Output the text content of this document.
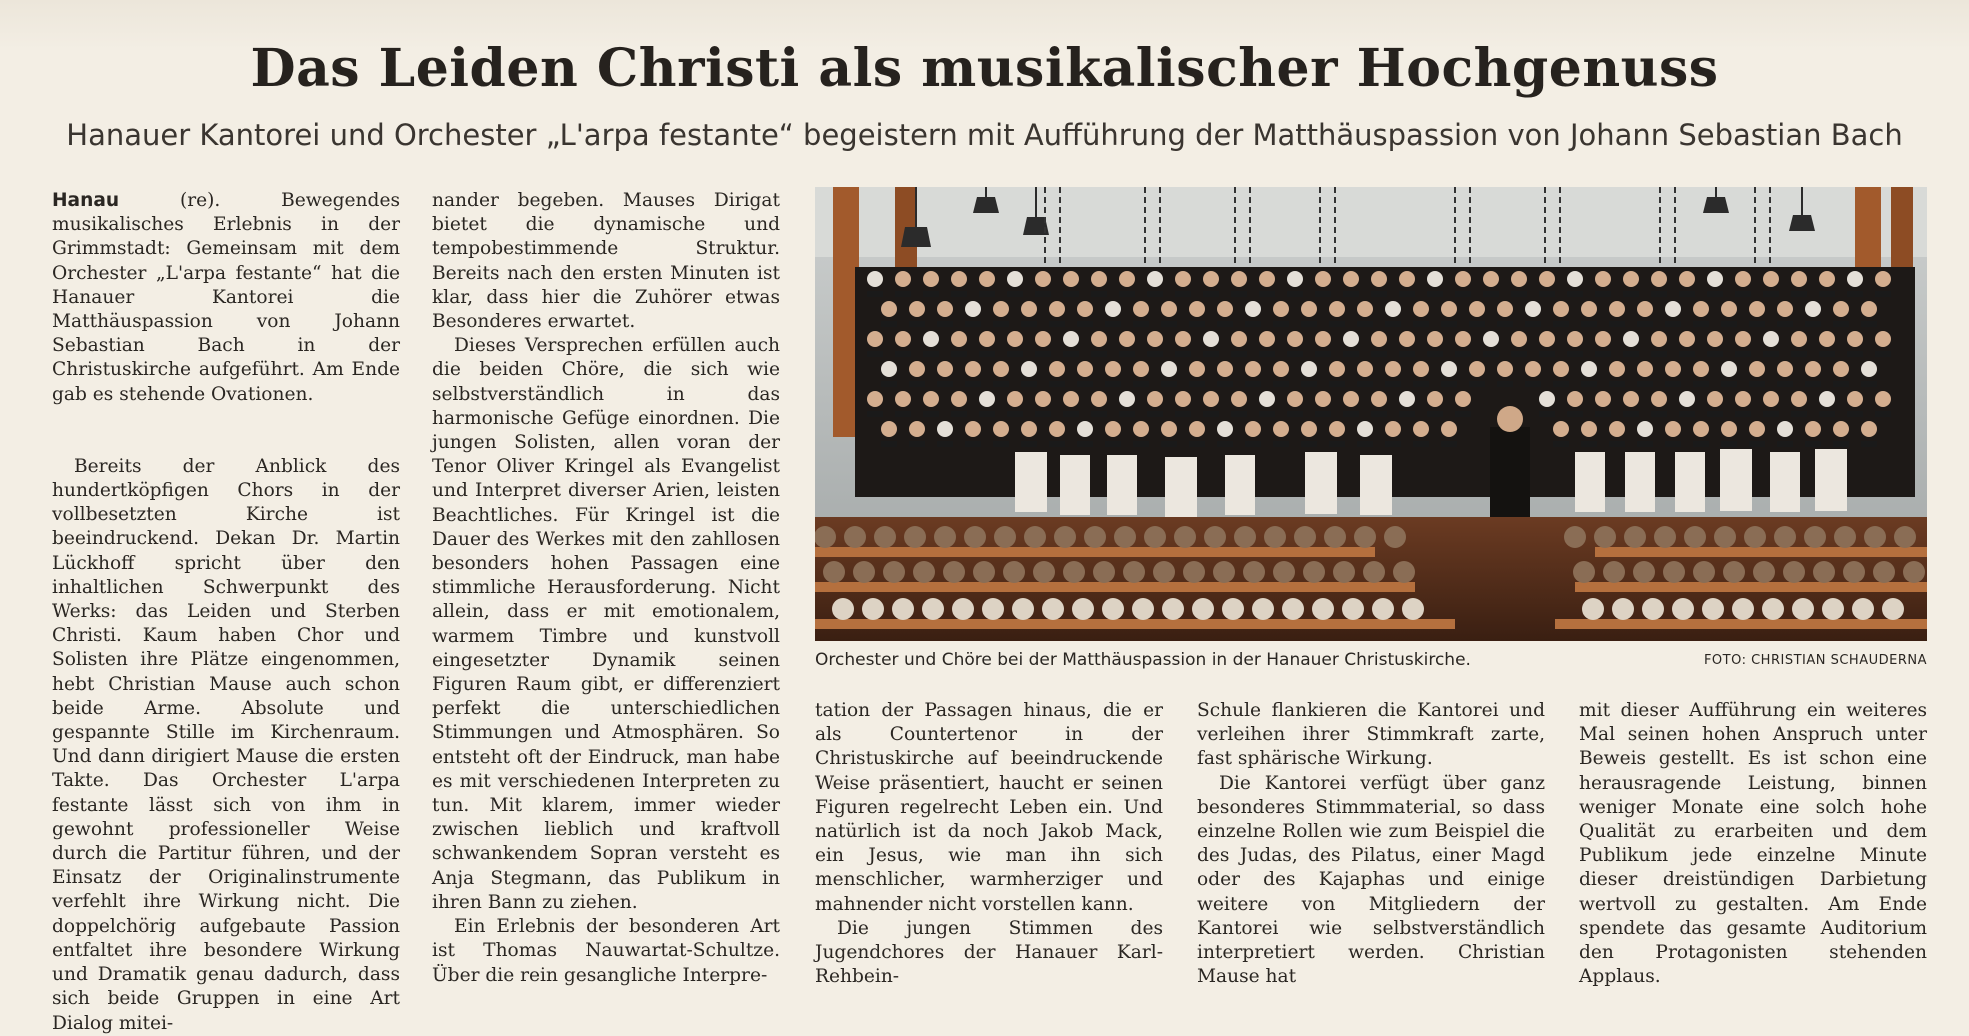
Das Leiden Christi als musikalischer Hochgenuss

Hanauer Kantorei und Orchester „L'arpa festante“ begeistern mit Aufführung der Matthäuspassion von Johann Sebastian Bach

Hanau (re). Bewegendes musikalisches Erlebnis in der Grimmstadt: Gemeinsam mit dem Orchester „L'arpa festante“ hat die Hanauer Kantorei die Matthäuspassion von Johann Sebastian Bach in der Christuskirche aufgeführt. Am Ende gab es stehende Ovationen.

Bereits der Anblick des hundertköpfigen Chors in der vollbesetzten Kirche ist beeindruckend. Dekan Dr. Martin Lückhoff spricht über den inhaltlichen Schwerpunkt des Werks: das Leiden und Sterben Christi. Kaum haben Chor und Solisten ihre Plätze eingenommen, hebt Christian Mause auch schon beide Arme. Absolute und gespannte Stille im Kirchenraum. Und dann dirigiert Mause die ersten Takte. Das Orchester L'arpa festante lässt sich von ihm in gewohnt professioneller Weise durch die Partitur führen, und der Einsatz der Originalinstrumente verfehlt ihre Wirkung nicht. Die doppelchörig aufgebaute Passion entfaltet ihre besondere Wirkung und Dramatik genau dadurch, dass sich beide Gruppen in eine Art Dialog mitei-

nander begeben. Mauses Dirigat bietet die dynamische und tempobestimmende Struktur. Bereits nach den ersten Minuten ist klar, dass hier die Zuhörer etwas Besonderes erwartet.

Dieses Versprechen erfüllen auch die beiden Chöre, die sich wie selbstverständlich in das harmonische Gefüge einordnen. Die jungen Solisten, allen voran der Tenor Oliver Kringel als Evangelist und Interpret diverser Arien, leisten Beachtliches. Für Kringel ist die Dauer des Werkes mit den zahllosen besonders hohen Passagen eine stimmliche Herausforderung. Nicht allein, dass er mit emotionalem, warmem Timbre und kunstvoll eingesetzter Dynamik seinen Figuren Raum gibt, er differenziert perfekt die unterschiedlichen Stimmungen und Atmosphären. So entsteht oft der Eindruck, man habe es mit verschiedenen Interpreten zu tun. Mit klarem, immer wieder zwischen lieblich und kraftvoll schwankendem Sopran versteht es Anja Stegmann, das Publikum in ihren Bann zu ziehen.

Ein Erlebnis der besonderen Art ist Thomas Nauwartat-Schultze. Über die rein gesangliche Interpre-

Orchester und Chöre bei der Matthäuspassion in der Hanauer Christuskirche.	FOTO: CHRISTIAN SCHAUDERNA

tation der Passagen hinaus, die er als Countertenor in der Christuskirche auf beeindruckende Weise präsentiert, haucht er seinen Figuren regelrecht Leben ein. Und natürlich ist da noch Jakob Mack, ein Jesus, wie man ihn sich menschlicher, warmherziger und mahnender nicht vorstellen kann.

Die jungen Stimmen des Jugendchores der Hanauer Karl-Rehbein-

Schule flankieren die Kantorei und verleihen ihrer Stimmkraft zarte, fast sphärische Wirkung.

Die Kantorei verfügt über ganz besonderes Stimmmaterial, so dass einzelne Rollen wie zum Beispiel die des Judas, des Pilatus, einer Magd oder des Kajaphas und einige weitere von Mitgliedern der Kantorei wie selbstverständlich interpretiert werden. Christian Mause hat

mit dieser Aufführung ein weiteres Mal seinen hohen Anspruch unter Beweis gestellt. Es ist schon eine herausragende Leistung, binnen weniger Monate eine solch hohe Qualität zu erarbeiten und dem Publikum jede einzelne Minute dieser dreistündigen Darbietung wertvoll zu gestalten. Am Ende spendete das gesamte Auditorium den Protagonisten stehenden Applaus.
